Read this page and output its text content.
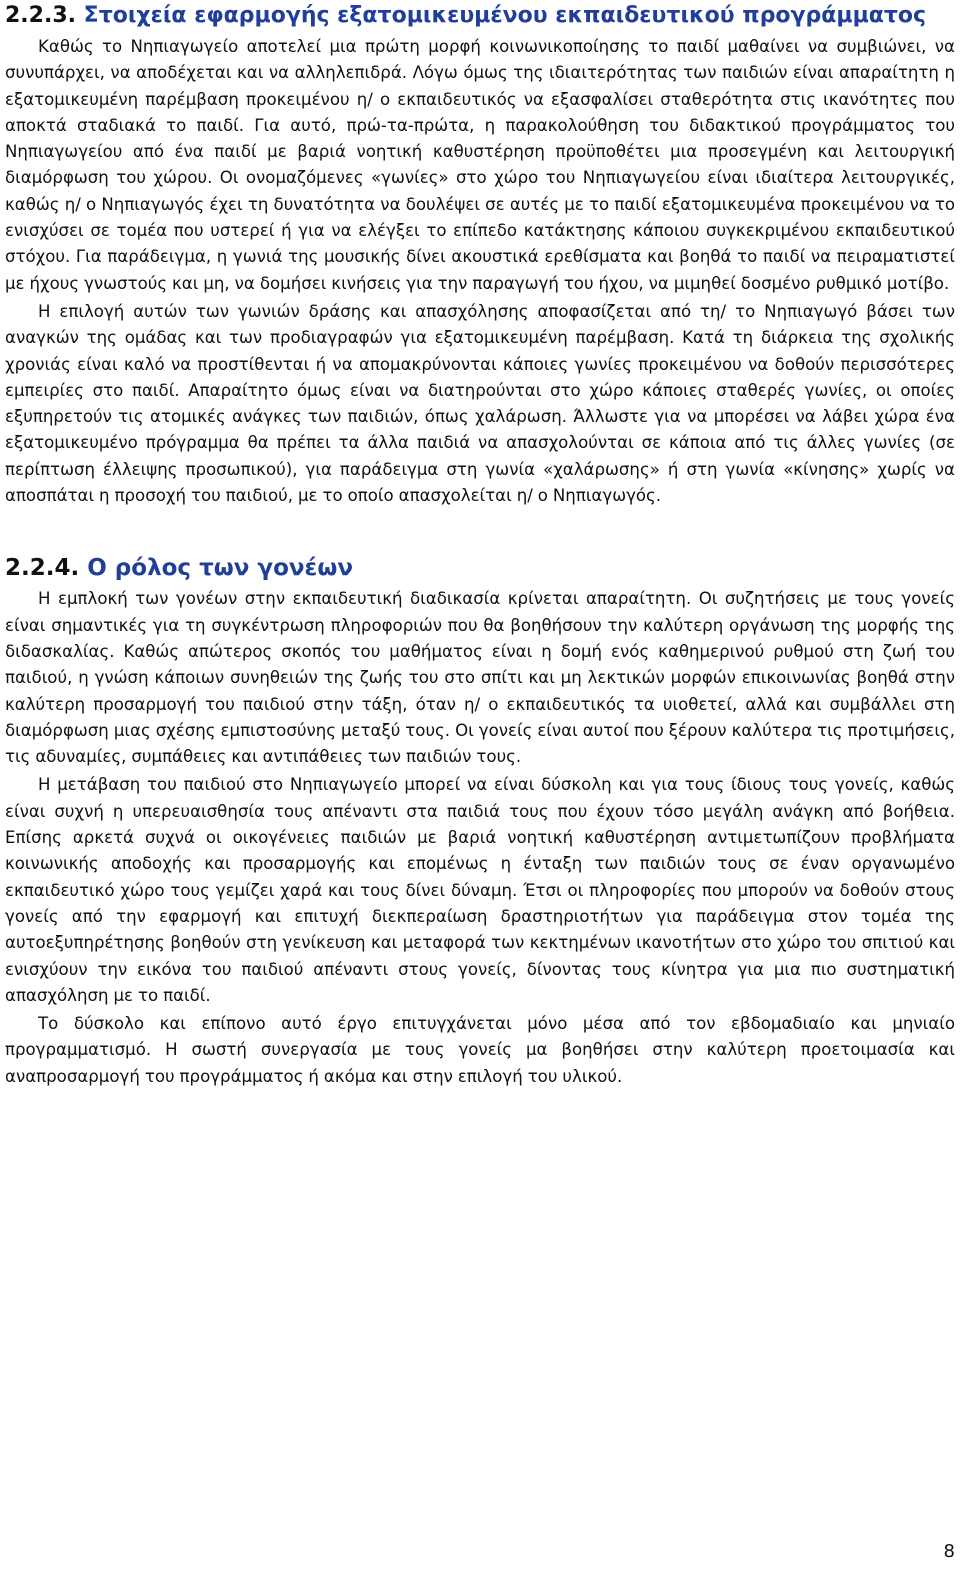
2.2.3. Στοιχεία εφαρμογής εξατομικευμένου εκπαιδευτικού προγράμματος

Καθώς το Νηπιαγωγείο αποτελεί μια πρώτη μορφή κοινωνικοποίησης το παιδί μαθαίνει να συμβιώνει, να συνυπάρχει, να αποδέχεται και να αλληλεπιδρά. Λόγω όμως της ιδιαιτερότητας των παιδιών είναι απαραίτητη η εξατομικευμένη παρέμβαση προκειμένου η/ ο εκπαιδευτικός να εξασφαλίσει σταθερότητα στις ικανότητες που αποκτά σταδιακά το παιδί. Για αυτό, πρώ-τα-πρώτα, η παρακολούθηση του διδακτικού προγράμματος του Νηπιαγωγείου από ένα παιδί με βαριά νοητική καθυστέρηση προϋποθέτει μια προσεγμένη και λειτουργική διαμόρφωση του χώρου. Οι ονομαζόμενες «γωνίες» στο χώρο του Νηπιαγωγείου είναι ιδιαίτερα λειτουργικές, καθώς η/ ο Νηπιαγωγός έχει τη δυνατότητα να δουλέψει σε αυτές με το παιδί εξατομικευμένα προκειμένου να το ενισχύσει σε τομέα που υστερεί ή για να ελέγξει το επίπεδο κατάκτησης κάποιου συγκεκριμένου εκπαιδευτικού στόχου. Για παράδειγμα, η γωνιά της μουσικής δίνει ακουστικά ερεθίσματα και βοηθά το παιδί να πειραματιστεί με ήχους γνωστούς και μη, να δομήσει κινήσεις για την παραγωγή του ήχου, να μιμηθεί δοσμένο ρυθμικό μοτίβο.

Η επιλογή αυτών των γωνιών δράσης και απασχόλησης αποφασίζεται από τη/ το Νηπιαγωγό βάσει των αναγκών της ομάδας και των προδιαγραφών για εξατομικευμένη παρέμβαση. Κατά τη διάρκεια της σχολικής χρονιάς είναι καλό να προστίθενται ή να απομακρύνονται κάποιες γωνίες προκειμένου να δοθούν περισσότερες εμπειρίες στο παιδί. Απαραίτητο όμως είναι να διατηρούνται στο χώρο κάποιες σταθερές γωνίες, οι οποίες εξυπηρετούν τις ατομικές ανάγκες των παιδιών, όπως χαλάρωση. Άλλωστε για να μπορέσει να λάβει χώρα ένα εξατομικευμένο πρόγραμμα θα πρέπει τα άλλα παιδιά να απασχολούνται σε κάποια από τις άλλες γωνίες (σε περίπτωση έλλειψης προσωπικού), για παράδειγμα στη γωνία «χαλάρωσης» ή στη γωνία «κίνησης» χωρίς να αποσπάται η προσοχή του παιδιού, με το οποίο απασχολείται η/ ο Νηπιαγωγός.

2.2.4. Ο ρόλος των γονέων

Η εμπλοκή των γονέων στην εκπαιδευτική διαδικασία κρίνεται απαραίτητη. Οι συζητήσεις με τους γονείς είναι σημαντικές για τη συγκέντρωση πληροφοριών που θα βοηθήσουν την καλύτερη οργάνωση της μορφής της διδασκαλίας. Καθώς απώτερος σκοπός του μαθήματος είναι η δομή ενός καθημερινού ρυθμού στη ζωή του παιδιού, η γνώση κάποιων συνηθειών της ζωής του στο σπίτι και μη λεκτικών μορφών επικοινωνίας βοηθά στην καλύτερη προσαρμογή του παιδιού στην τάξη, όταν η/ ο εκπαιδευτικός τα υιοθετεί, αλλά και συμβάλλει στη διαμόρφωση μιας σχέσης εμπιστοσύνης μεταξύ τους. Οι γονείς είναι αυτοί που ξέρουν καλύτερα τις προτιμήσεις, τις αδυναμίες, συμπάθειες και αντιπάθειες των παιδιών τους.

Η μετάβαση του παιδιού στο Νηπιαγωγείο μπορεί να είναι δύσκολη και για τους ίδιους τους γονείς, καθώς είναι συχνή η υπερευαισθησία τους απέναντι στα παιδιά τους που έχουν τόσο μεγάλη ανάγκη από βοήθεια. Επίσης αρκετά συχνά οι οικογένειες παιδιών με βαριά νοητική καθυστέρηση αντιμετωπίζουν προβλήματα κοινωνικής αποδοχής και προσαρμογής και επομένως η ένταξη των παιδιών τους σε έναν οργανωμένο εκπαιδευτικό χώρο τους γεμίζει χαρά και τους δίνει δύναμη. Έτσι οι πληροφορίες που μπορούν να δοθούν στους γονείς από την εφαρμογή και επιτυχή διεκπεραίωση δραστηριοτήτων για παράδειγμα στον τομέα της αυτοεξυπηρέτησης βοηθούν στη γενίκευση και μεταφορά των κεκτημένων ικανοτήτων στο χώρο του σπιτιού και ενισχύουν την εικόνα του παιδιού απέναντι στους γονείς, δίνοντας τους κίνητρα για μια πιο συστηματική απασχόληση με το παιδί.

Το δύσκολο και επίπονο αυτό έργο επιτυγχάνεται μόνο μέσα από τον εβδομαδιαίο και μηνιαίο προγραμματισμό. Η σωστή συνεργασία με τους γονείς μα βοηθήσει στην καλύτερη προετοιμασία και αναπροσαρμογή του προγράμματος ή ακόμα και στην επιλογή του υλικού.

8
